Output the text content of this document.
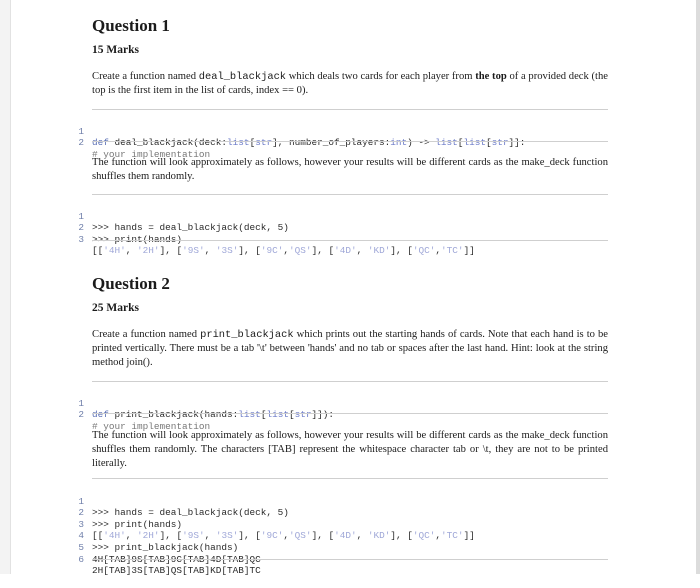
Question 1
15 Marks
Create a function named deal_blackjack which deals two cards for each player from the top of a provided deck (the top is the first item in the list of cards, index == 0).

1

def deal_blackjack(deck:list[str], number_of_players:int) -> list[list[str]]:

2

# your implementation

The function will look approximately as follows, however your results will be different cards as the make_deck function shuffles them randomly.

1

>>> hands = deal_blackjack(deck, 5)

2

>>> print(hands)

3

[['4H', '2H'], ['9S', '3S'], ['9C','QS'], ['4D', 'KD'], ['QC','TC']]

Question 2
25 Marks
Create a function named print_blackjack which prints out the starting hands of cards. Note that each hand is to be printed vertically. There must be a tab '\t' between 'hands' and no tab or spaces after the last hand. Hint: look at the string method join().

1

def print_blackjack(hands:list[list[str]]):

2

# your implementation

The function will look approximately as follows, however your results will be different cards as the make_deck function shuffles them randomly. The characters [TAB] represent the whitespace character tab or \t, they are not to be printed literally.

1

>>> hands = deal_blackjack(deck, 5)

2

>>> print(hands)

3

[['4H', '2H'], ['9S', '3S'], ['9C','QS'], ['4D', 'KD'], ['QC','TC']]

4

>>> print_blackjack(hands)

5

4H[TAB]9S[TAB]9C[TAB]4D[TAB]QC

6

2H[TAB]3S[TAB]QS[TAB]KD[TAB]TC
